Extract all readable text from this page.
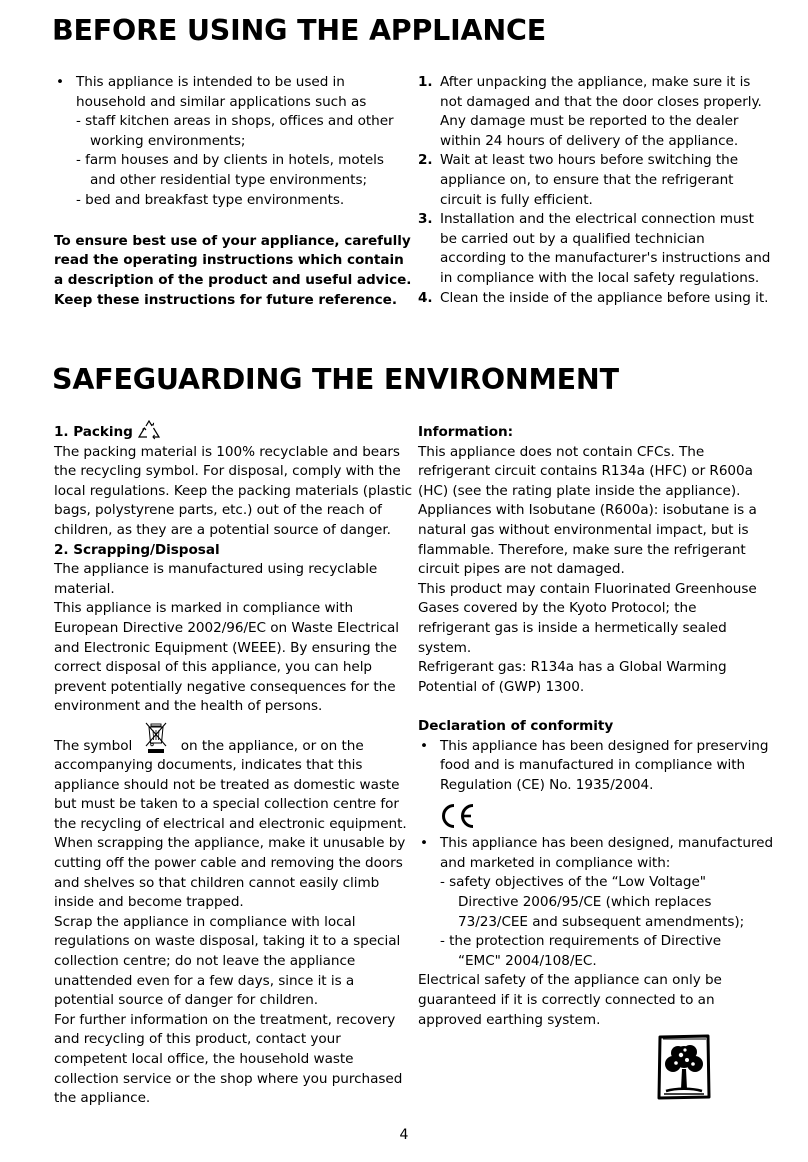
BEFORE USING THE APPLIANCE
• This appliance is intended to be used in
household and similar applications such as
- staff kitchen areas in shops, offices and other
working environments;
- farm houses and by clients in hotels, motels
and other residential type environments;
- bed and breakfast type environments.
To ensure best use of your appliance, carefully
read the operating instructions which contain
a description of the product and useful advice.
Keep these instructions for future reference.
1. After unpacking the appliance, make sure it is
not damaged and that the door closes properly.
Any damage must be reported to the dealer
within 24 hours of delivery of the appliance.
2. Wait at least two hours before switching the
appliance on, to ensure that the refrigerant
circuit is fully efficient.
3. Installation and the electrical connection must
be carried out by a qualified technician
according to the manufacturer's instructions and
in compliance with the local safety regulations.
4. Clean the inside of the appliance before using it.
SAFEGUARDING THE ENVIRONMENT
1. Packing
The packing material is 100% recyclable and bears
the recycling symbol. For disposal, comply with the
local regulations. Keep the packing materials (plastic
bags, polystyrene parts, etc.) out of the reach of
children, as they are a potential source of danger.
2. Scrapping/Disposal
The appliance is manufactured using recyclable
material.
This appliance is marked in compliance with
European Directive 2002/96/EC on Waste Electrical
and Electronic Equipment (WEEE). By ensuring the
correct disposal of this appliance, you can help
prevent potentially negative consequences for the
environment and the health of persons.
The symbol	on the appliance, or on the
accompanying documents, indicates that this
appliance should not be treated as domestic waste
but must be taken to a special collection centre for
the recycling of electrical and electronic equipment.
When scrapping the appliance, make it unusable by
cutting off the power cable and removing the doors
and shelves so that children cannot easily climb
inside and become trapped.
Scrap the appliance in compliance with local
regulations on waste disposal, taking it to a special
collection centre; do not leave the appliance
unattended even for a few days, since it is a
potential source of danger for children.
For further information on the treatment, recovery
and recycling of this product, contact your
competent local office, the household waste
collection service or the shop where you purchased
the appliance.
Information:
This appliance does not contain CFCs. The
refrigerant circuit contains R134a (HFC) or R600a
(HC) (see the rating plate inside the appliance).
Appliances with Isobutane (R600a): isobutane is a
natural gas without environmental impact, but is
flammable. Therefore, make sure the refrigerant
circuit pipes are not damaged.
This product may contain Fluorinated Greenhouse
Gases covered by the Kyoto Protocol; the
refrigerant gas is inside a hermetically sealed
system.
Refrigerant gas: R134a has a Global Warming
Potential of (GWP) 1300.
Declaration of conformity
• This appliance has been designed for preserving
food and is manufactured in compliance with
Regulation (CE) No. 1935/2004.
• This appliance has been designed, manufactured
and marketed in compliance with:
- safety objectives of the “Low Voltage"
Directive 2006/95/CE (which replaces
73/23/CEE and subsequent amendments);
- the protection requirements of Directive
“EMC" 2004/108/EC.
Electrical safety of the appliance can only be
guaranteed if it is correctly connected to an
approved earthing system.
4
